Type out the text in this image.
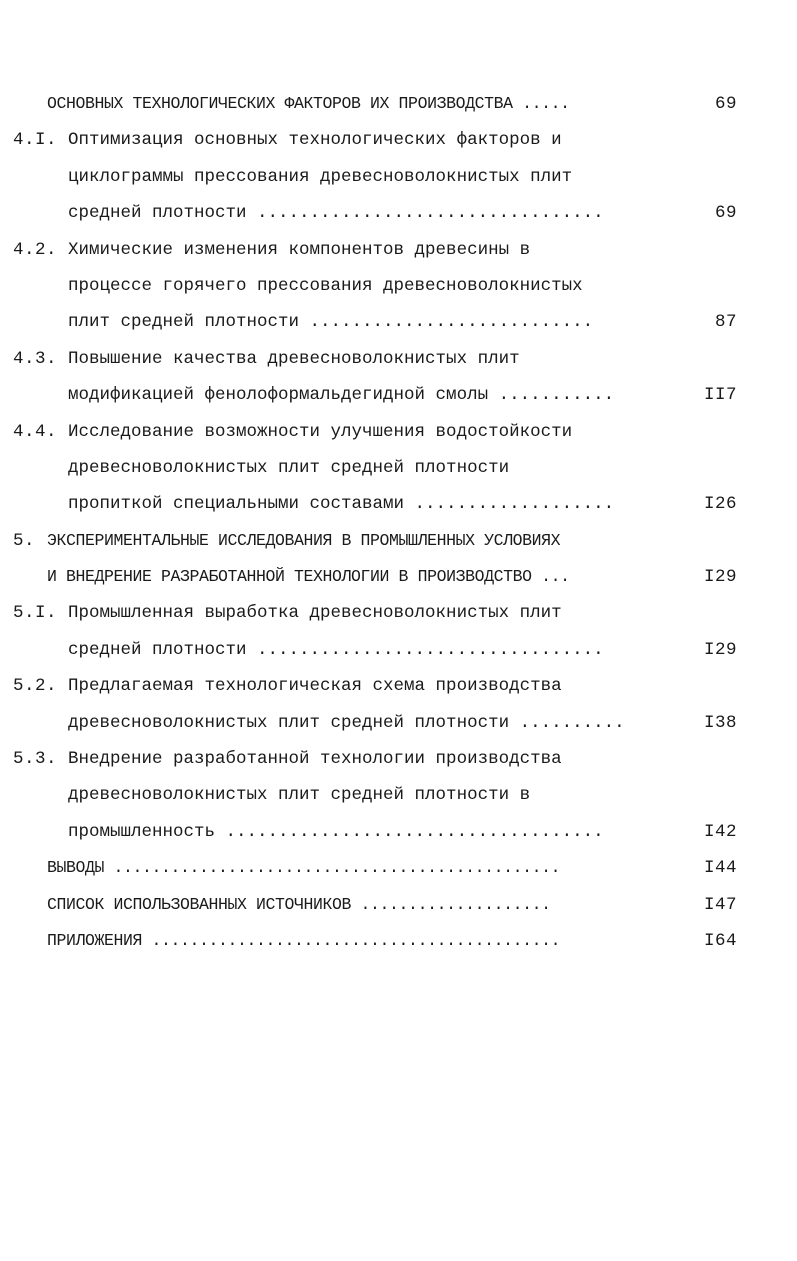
ОСНОВНЫХ ТЕХНОЛОГИЧЕСКИХ ФАКТОРОВ ИХ ПРОИЗВОДСТВА .....	69
4.I. Оптимизация основных технологических факторов и
циклограммы прессования древесноволокнистых плит
средней плотности .................................	69
4.2. Химические изменения компонентов древесины в
процессе горячего прессования древесноволокнистых
плит средней плотности ...........................	87
4.3. Повышение качества древесноволокнистых плит
модификацией фенолоформальдегидной смолы ...........	II7
4.4. Исследование возможности улучшения водостойкости
древесноволокнистых плит средней плотности
пропиткой специальными составами ...................	I26
5. ЭКСПЕРИМЕНТАЛЬНЫЕ ИССЛЕДОВАНИЯ В ПРОМЫШЛЕННЫХ УСЛОВИЯХ
И ВНЕДРЕНИЕ РАЗРАБОТАННОЙ ТЕХНОЛОГИИ В ПРОИЗВОДСТВО ...	I29
5.I. Промышленная выработка древесноволокнистых плит
средней плотности .................................	I29
5.2. Предлагаемая технологическая схема производства
древесноволокнистых плит средней плотности ..........	I38
5.3. Внедрение разработанной технологии производства
древесноволокнистых плит средней плотности в
промышленность ....................................	I42
ВЫВОДЫ ...............................................	I44
СПИСОК ИСПОЛЬЗОВАННЫХ ИСТОЧНИКОВ ....................	I47
ПРИЛОЖЕНИЯ ...........................................	I64
